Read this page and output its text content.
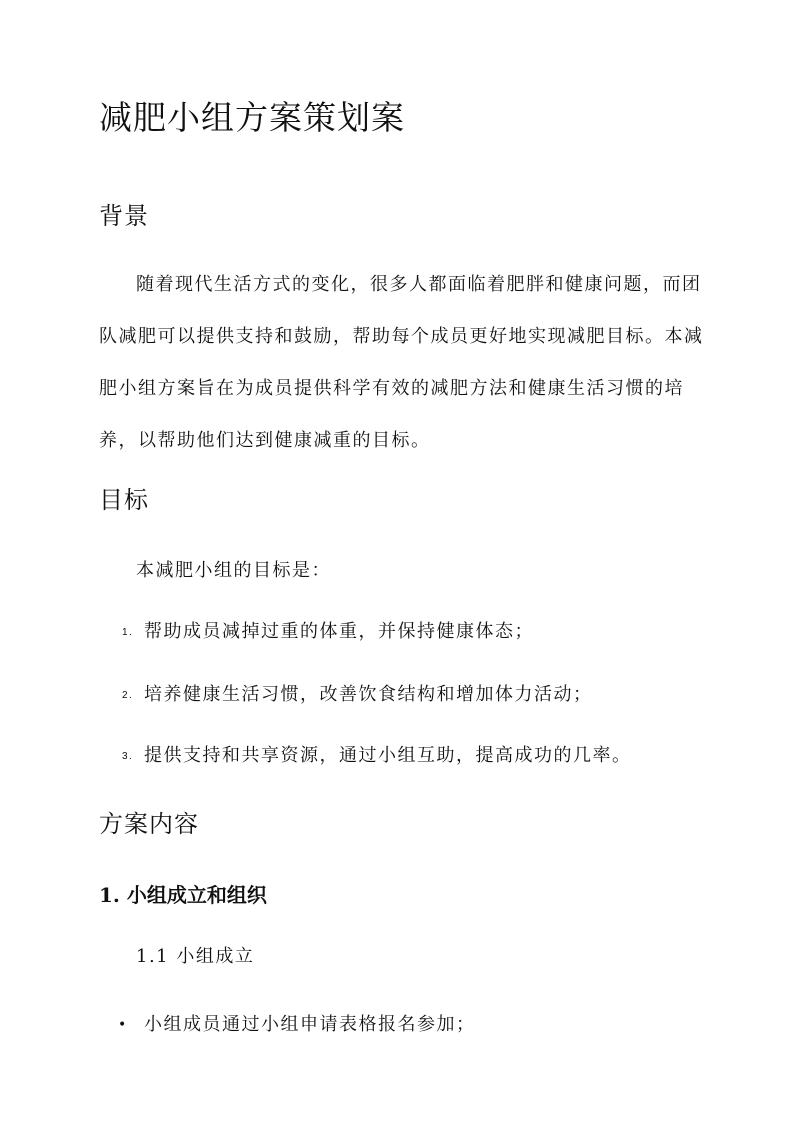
减肥小组方案策划案
背景

随着现代生活方式的变化，很多人都面临着肥胖和健康问题，而团队减肥可以提供支持和鼓励，帮助每个成员更好地实现减肥目标。本减肥小组方案旨在为成员提供科学有效的减肥方法和健康生活习惯的培养，以帮助他们达到健康减重的目标。

目标

本减肥小组的目标是：

1. 帮助成员减掉过重的体重，并保持健康体态；
2. 培养健康生活习惯，改善饮食结构和增加体力活动；
3. 提供支持和共享资源，通过小组互助，提高成功的几率。
方案内容
1. 小组成立和组织

1.1 小组成立

• 小组成员通过小组申请表格报名参加；
